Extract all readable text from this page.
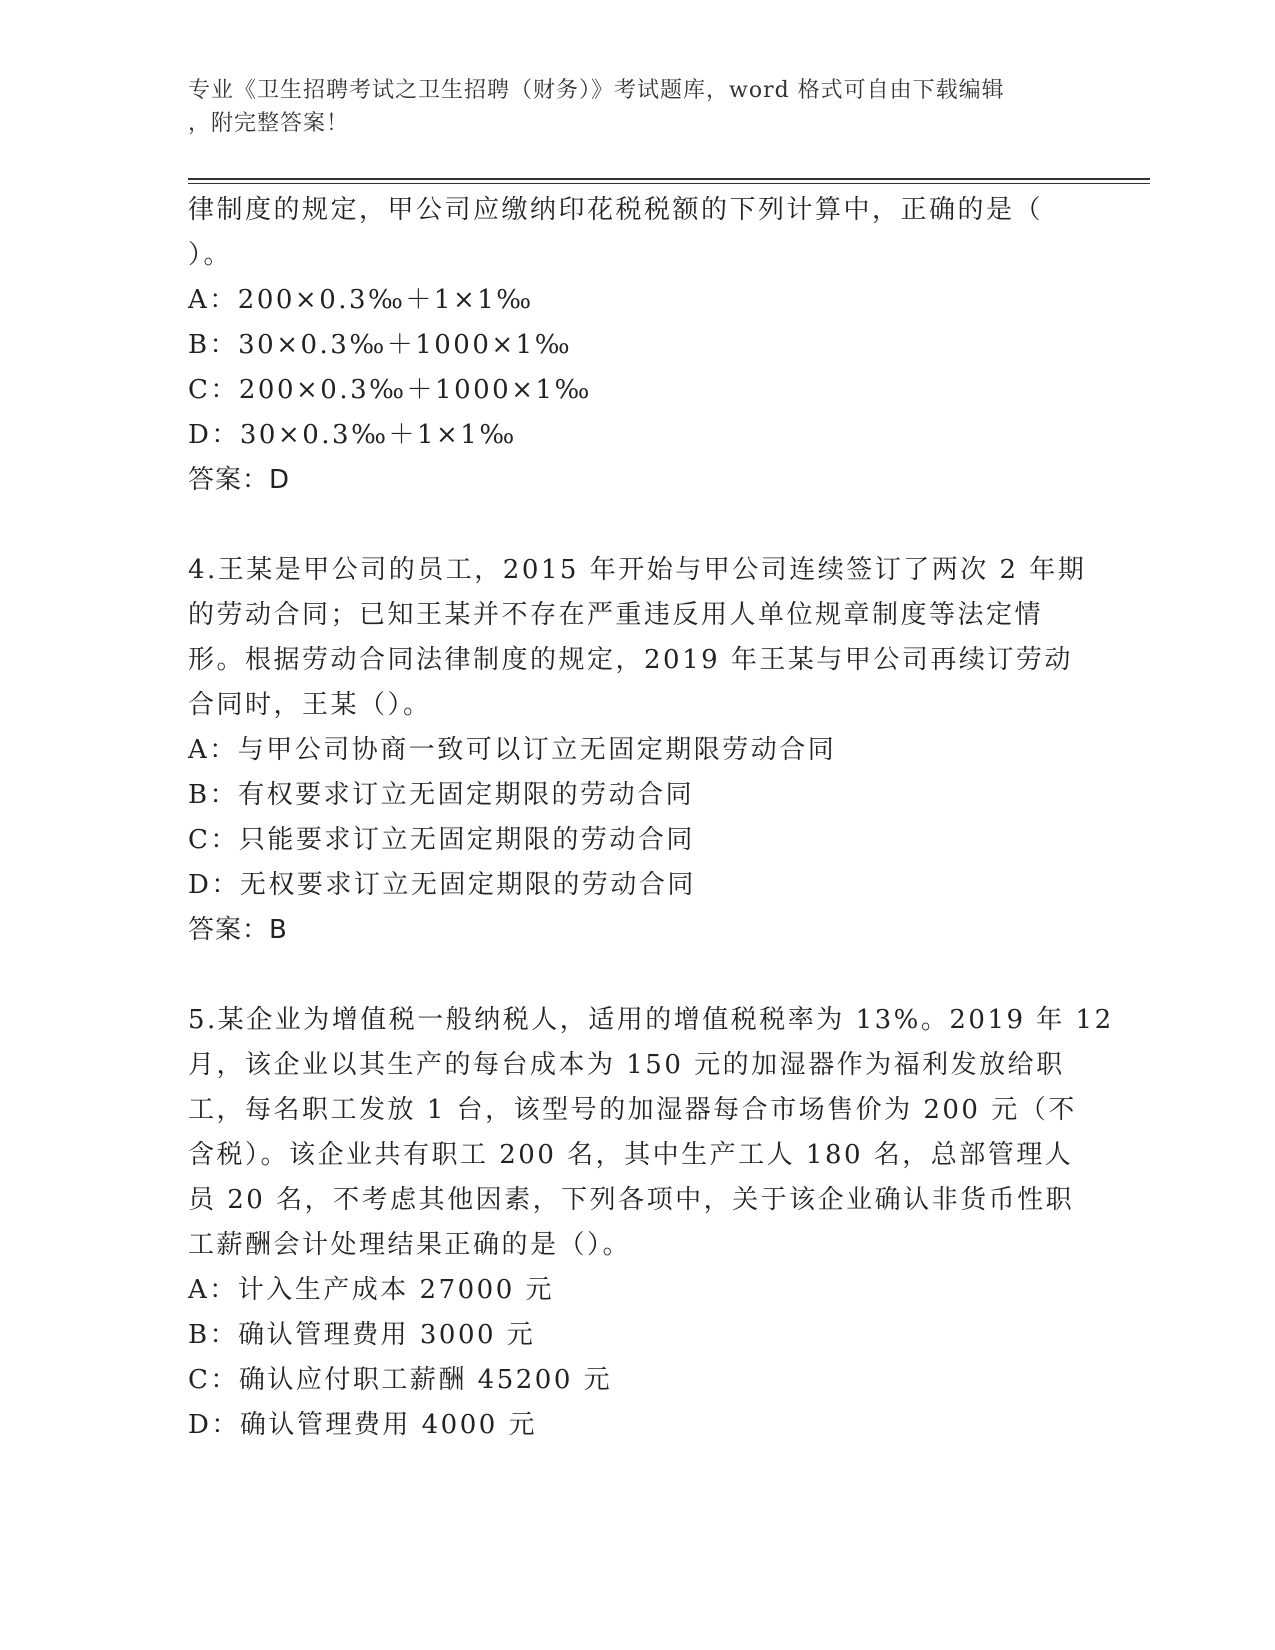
专业《卫生招聘考试之卫生招聘（财务）》考试题库，word 格式可自由下载编辑
，附完整答案！
律制度的规定，甲公司应缴纳印花税税额的下列计算中，正确的是（
）。
A：200×0.3‰＋1×1‰
B：30×0.3‰＋1000×1‰
C：200×0.3‰＋1000×1‰
D：30×0.3‰＋1×1‰
答案：D
4.王某是甲公司的员工，2015 年开始与甲公司连续签订了两次 2 年期
的劳动合同；已知王某并不存在严重违反用人单位规章制度等法定情
形。根据劳动合同法律制度的规定，2019 年王某与甲公司再续订劳动
合同时，王某（）。
A：与甲公司协商一致可以订立无固定期限劳动合同
B：有权要求订立无固定期限的劳动合同
C：只能要求订立无固定期限的劳动合同
D：无权要求订立无固定期限的劳动合同
答案：B
5.某企业为增值税一般纳税人，适用的增值税税率为 13%。2019 年 12
月，该企业以其生产的每台成本为 150 元的加湿器作为福利发放给职
工，每名职工发放 1 台，该型号的加湿器每合市场售价为 200 元（不
含税）。该企业共有职工 200 名，其中生产工人 180 名，总部管理人
员 20 名，不考虑其他因素，下列各项中，关于该企业确认非货币性职
工薪酬会计处理结果正确的是（）。
A：计入生产成本 27000 元
B：确认管理费用 3000 元
C：确认应付职工薪酬 45200 元
D：确认管理费用 4000 元
